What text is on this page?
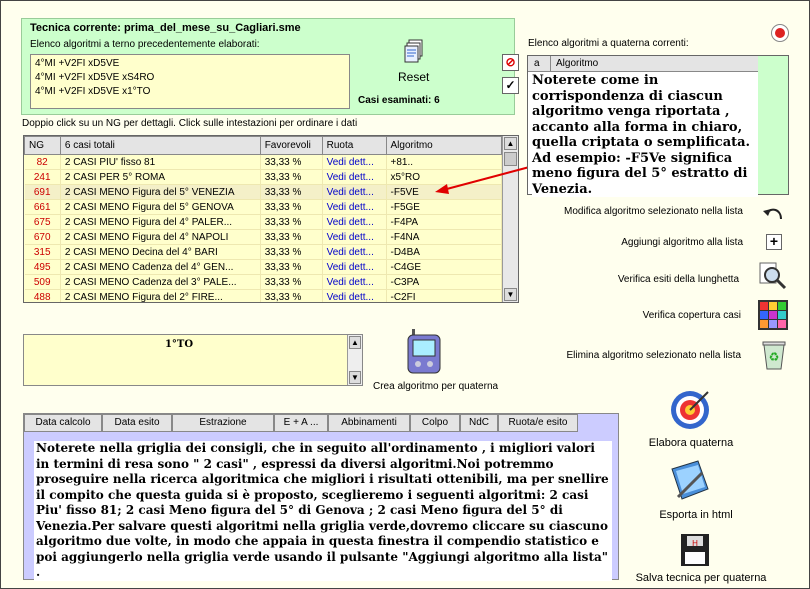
Tecnica corrente: prima_del_mese_su_Cagliari.sme
Elenco algoritmi a terno precedentemente elaborati:
4°MI +V2FI xD5VE
4°MI +V2FI xD5VE xS4RO
4°MI +V2FI xD5VE x1°TO
Reset
Casi esaminati: 6
⊘
✓
Doppio click su un NG per dettagli. Click sulle intestazioni per ordinare i dati
NG	6 casi totali	Favorevoli	Ruota	Algoritmo
82	2 CASI PIU' fisso 81	33,33 %	Vedi dett...	+81..
241	2 CASI PER 5° ROMA	33,33 %	Vedi dett...	x5°RO
691	2 CASI MENO Figura del 5° VENEZIA	33,33 %	Vedi dett...	-F5VE
661	2 CASI MENO Figura del 5° GENOVA	33,33 %	Vedi dett...	-F5GE
675	2 CASI MENO Figura del 4° PALER...	33,33 %	Vedi dett...	-F4PA
670	2 CASI MENO Figura del 4° NAPOLI	33,33 %	Vedi dett...	-F4NA
315	2 CASI MENO Decina del 4° BARI	33,33 %	Vedi dett...	-D4BA
495	2 CASI MENO Cadenza del 4° GEN...	33,33 %	Vedi dett...	-C4GE
509	2 CASI MENO Cadenza del 3° PALE...	33,33 %	Vedi dett...	-C3PA
488	2 CASI MENO Figura del 2° FIRE...	33,33 %	Vedi dett...	-C2FI
▲
▼
Elenco algoritmi a quaterna correnti:
a Algoritmo
Noterete come in corrispondenza di ciascun algoritmo venga riportata , accanto alla forma in chiaro, quella criptata o semplificata. Ad esempio: -F5Ve significa meno figura del 5° estratto di Venezia.
Modifica algoritmo selezionato nella lista
Aggiungi algoritmo alla lista +
Verifica esiti della lunghetta
Verifica copertura casi
Elimina algoritmo selezionato nella lista ♻
1°TO	▲
▼
Crea algoritmo per quaterna
Data calcolo	Data esito	Estrazione	E + A ...	Abbinamenti	Colpo	NdC	Ruota/e esito
Noterete nella griglia dei consigli, che in seguito all'ordinamento , i migliori valori in termini di resa sono " 2 casi" , espressi da diversi algoritmi.Noi potremmo proseguire nella ricerca algoritmica che migliori i risultati ottenibili, ma per snellire il compito che questa guida si è proposto, sceglieremo i seguenti algoritmi: 2 casi Piu' fisso 81; 2 casi Meno figura del 5° di Genova ; 2 casi Meno figura del 5° di Venezia.Per salvare questi algoritmi nella griglia verde,dovremo cliccare su ciascuno algoritmo due volte, in modo che appaia in questa finestra il compendio statistico e poi aggiungerlo nella griglia verde usando il pulsante "Aggiungi algoritmo alla lista" .
Elabora quaterna
Esporta in html
H
Salva tecnica per quaterna
